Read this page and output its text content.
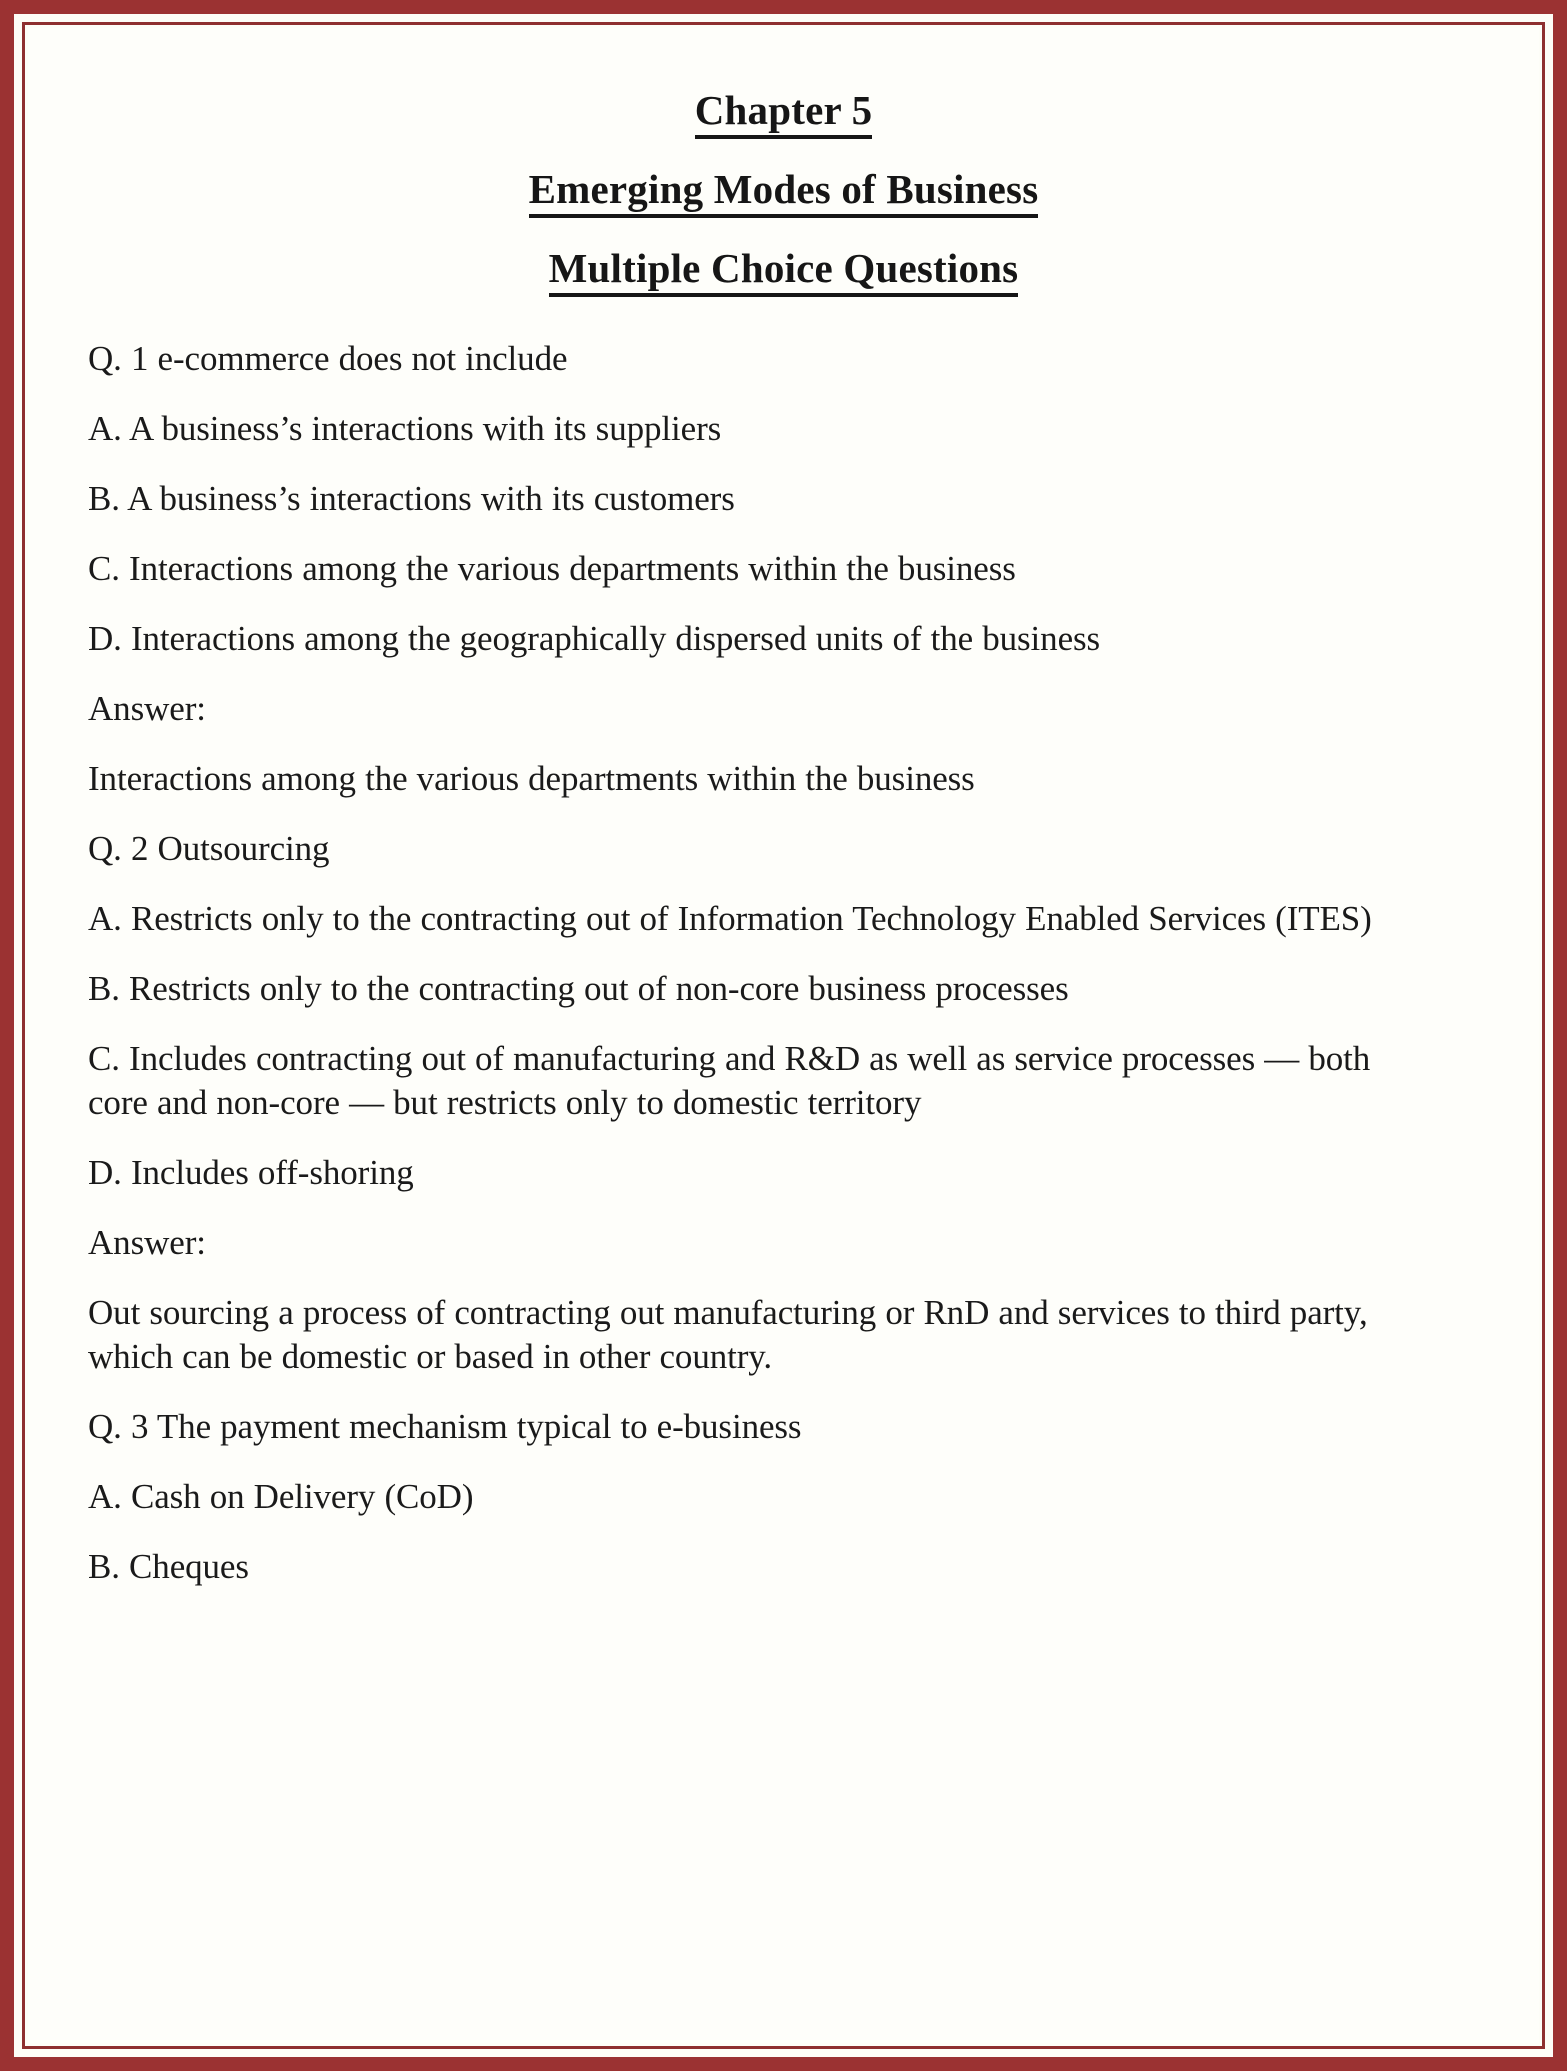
Chapter 5
Emerging Modes of Business
Multiple Choice Questions

Q. 1 e-commerce does not include

A. A business’s interactions with its suppliers

B. A business’s interactions with its customers

C. Interactions among the various departments within the business

D. Interactions among the geographically dispersed units of the business

Answer:

Interactions among the various departments within the business

Q. 2 Outsourcing

A. Restricts only to the contracting out of Information Technology Enabled Services (ITES)

B. Restricts only to the contracting out of non-core business processes

C. Includes contracting out of manufacturing and R&D as well as service processes — both core and non-core — but restricts only to domestic territory

D. Includes off-shoring

Answer:

Out sourcing a process of contracting out manufacturing or RnD and services to third party, which can be domestic or based in other country.

Q. 3 The payment mechanism typical to e-business

A. Cash on Delivery (CoD)

B. Cheques
